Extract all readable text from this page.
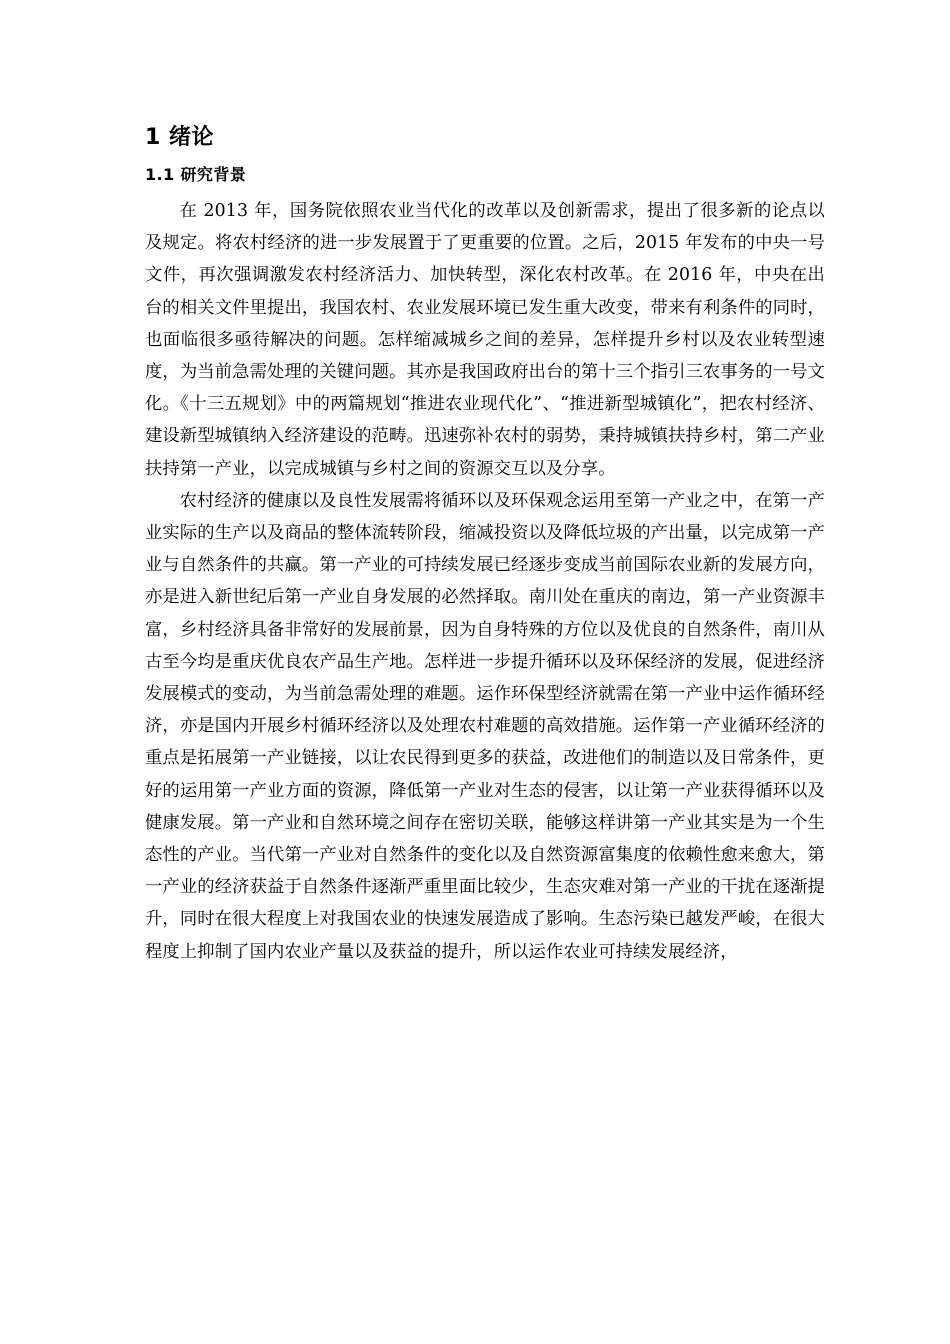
1 绪论
1.1 研究背景

在 2013 年，国务院依照农业当代化的改革以及创新需求，提出了很多新的论点以及规定。将农村经济的进一步发展置于了更重要的位置。之后，2015 年发布的中央一号文件，再次强调激发农村经济活力、加快转型，深化农村改革。在 2016 年，中央在出台的相关文件里提出，我国农村、农业发展环境已发生重大改变，带来有利条件的同时，也面临很多亟待解决的问题。怎样缩减城乡之间的差异，怎样提升乡村以及农业转型速度，为当前急需处理的关键问题。其亦是我国政府出台的第十三个指引三农事务的一号文化。《十三五规划》中的两篇规划“推进农业现代化”、“推进新型城镇化”，把农村经济、建设新型城镇纳入经济建设的范畴。迅速弥补农村的弱势，秉持城镇扶持乡村，第二产业扶持第一产业，以完成城镇与乡村之间的资源交互以及分享。

农村经济的健康以及良性发展需将循环以及环保观念运用至第一产业之中，在第一产业实际的生产以及商品的整体流转阶段，缩减投资以及降低垃圾的产出量，以完成第一产业与自然条件的共赢。第一产业的可持续发展已经逐步变成当前国际农业新的发展方向，亦是进入新世纪后第一产业自身发展的必然择取。南川处在重庆的南边，第一产业资源丰富，乡村经济具备非常好的发展前景，因为自身特殊的方位以及优良的自然条件，南川从古至今均是重庆优良农产品生产地。怎样进一步提升循环以及环保经济的发展，促进经济发展模式的变动，为当前急需处理的难题。运作环保型经济就需在第一产业中运作循环经济，亦是国内开展乡村循环经济以及处理农村难题的高效措施。运作第一产业循环经济的重点是拓展第一产业链接，以让农民得到更多的获益，改进他们的制造以及日常条件，更好的运用第一产业方面的资源，降低第一产业对生态的侵害，以让第一产业获得循环以及健康发展。第一产业和自然环境之间存在密切关联，能够这样讲第一产业其实是为一个生态性的产业。当代第一产业对自然条件的变化以及自然资源富集度的依赖性愈来愈大，第一产业的经济获益于自然条件逐渐严重里面比较少，生态灾难对第一产业的干扰在逐渐提升，同时在很大程度上对我国农业的快速发展造成了影响。生态污染已越发严峻，在很大程度上抑制了国内农业产量以及获益的提升，所以运作农业可持续发展经济，
